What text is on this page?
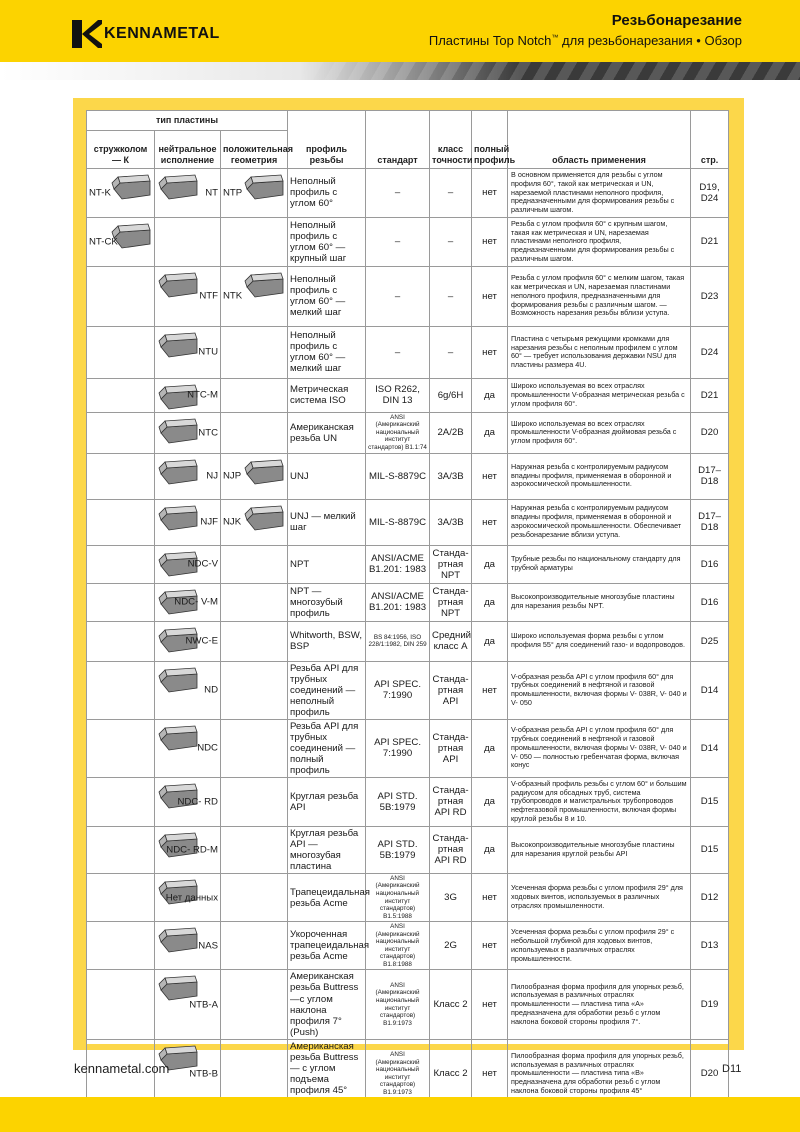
KENNAMETAL
Резьбонарезание
Пластины Top Notch™ для резьбонарезания • Обзор
тип пластины			профиль резьбы	стандарт	класс точности	полный профиль	область применения	стр.
стружколом — К	нейтральное исполнение	положительная геометрия						

NT-K	NT	NTP	Неполный профиль с углом 60°	–	–	нет	В основном применяется для резьбы с углом профиля 60°, такой как метрическая и UN, нарезаемой пластинами неполного профиля, предназначенными для формирования резьбы с различным шагом.	D19, D24

NT-CK			Неполный профиль с углом 60° — крупный шаг	–	–	нет	Резьба с углом профиля 60° с крупным шагом, такая как метрическая и UN, нарезаемая пластинами неполного профиля, предназначенными для формирования резьбы с различным шагом.	D21

	NTF	NTK	Неполный профиль с углом 60° — мелкий шаг	–	–	нет	Резьба с углом профиля 60° с мелким шагом, такая как метрическая и UN, нарезаемая пластинами неполного профиля, предназначенными для формирования резьбы с различным шагом. — Возможность нарезания резьбы вблизи уступа.	D23

	NTU		Неполный профиль с углом 60° — мелкий шаг	–	–	нет	Пластина с четырьмя режущими кромками для нарезания резьбы с неполным профилем с углом 60° — требует использования державки NSU для пластины размера 4U.	D24

	NTC-M		Метрическая система ISO	ISO R262, DIN 13	6g/6H	да	Широко используемая во всех отраслях промышленности V-образная метрическая резьба с углом профиля 60°.	D21

	NTC		Американская резьба UN	ANSI (Американский национальный институт стандартов) B1.1:74	2A/2B	да	Широко используемая во всех отраслях промышленности V-образная дюймовая резьба с углом профиля 60°.	D20

	NJ	NJP	UNJ	MIL-S-8879C	3A/3B	нет	Наружная резьба с контролируемым радиусом впадины профиля, применяемая в оборонной и аэрокосмической промышленности.	D17– D18

	NJF	NJK	UNJ — мелкий шаг	MIL-S-8879C	3A/3B	нет	Наружная резьба с контролируемым радиусом впадины профиля, применяемая в оборонной и аэрокосмической промышленности. Обеспечивает резьбонарезание вблизи уступа.	D17– D18

	NDC-V		NPT	ANSI/ACME B1.201: 1983	Станда- ртная NPT	да	Трубные резьбы по национальному стандарту для трубной арматуры	D16

	NDC- V-M		NPT — многозубый профиль	ANSI/ACME B1.201: 1983	Станда- ртная NPT	да	Высокопроизводительные многозубые пластины для нарезания резьбы NPT.	D16

	NWC-E		Whitworth, BSW, BSP	BS 84:1956, ISO 228/1:1982, DIN 259	Средний класс A	да	Широко используемая форма резьбы с углом профиля 55° для соединений газо- и водопроводов.	D25

	ND		Резьба API для трубных соединений — неполный профиль	API SPEC. 7:1990	Станда- ртная API	нет	V-образная резьба API с углом профиля 60° для трубных соединений в нефтяной и газовой промышленности, включая формы V- 038R, V- 040 и V- 050	D14

	NDC		Резьба API для трубных соединений — полный профиль	API SPEC. 7:1990	Станда- ртная API	да	V-образная резьба API с углом профиля 60° для трубных соединений в нефтяной и газовой промышленности, включая формы V- 038R, V- 040 и V- 050 — полностью гребенчатая форма, включая конус	D14

	NDC- RD		Круглая резьба API	API STD. 5B:1979	Станда- ртная API RD	да	V-образный профиль резьбы с углом 60° и большим радиусом для обсадных труб, система трубопроводов и магистральных трубопроводов нефтегазовой промышленности, включая формы круглой резьбы 8 и 10.	D15

	NDC- RD-M		Круглая резьба API — многозубая пластина	API STD. 5B:1979	Станда- ртная API RD	да	Высокопроизводительные многозубые пластины для нарезания круглой резьбы API	D15

	Нет данных		Трапецеидальная резьба Acme	ANSI (Американский национальный институт стандартов) B1.5:1988	3G	нет	Усеченная форма резьбы с углом профиля 29° для ходовых винтов, используемых в различных отраслях промышленности.	D12

	NAS		Укороченная трапецеидальная резьба Acme	ANSI (Американский национальный институт стандартов) B1.8:1988	2G	нет	Усеченная форма резьбы с углом профиля 29° с небольшой глубиной для ходовых винтов, используемых в различных отраслях промышленности.	D13

	NTB-A		Американская резьба Buttress —с углом наклона профиля 7° (Push)	ANSI (Американский национальный институт стандартов) B1.9:1973	Класс 2	нет	Пилообразная форма профиля для упорных резьб, используемая в различных отраслях промышленности — пластина типа «А» предназначена для обработки резьб с углом наклона боковой стороны профиля 7°.	D19

	NTB-B		Американская резьба Buttress — с углом подъема профиля 45°	ANSI (Американский национальный институт стандартов) B1.9:1973	Класс 2	нет	Пилообразная форма профиля для упорных резьб, используемая в различных отраслях промышленности — пластина типа «В» предназначена для обработки резьб с углом наклона боковой стороны профиля 45°	D20
kennametal.com	D11
